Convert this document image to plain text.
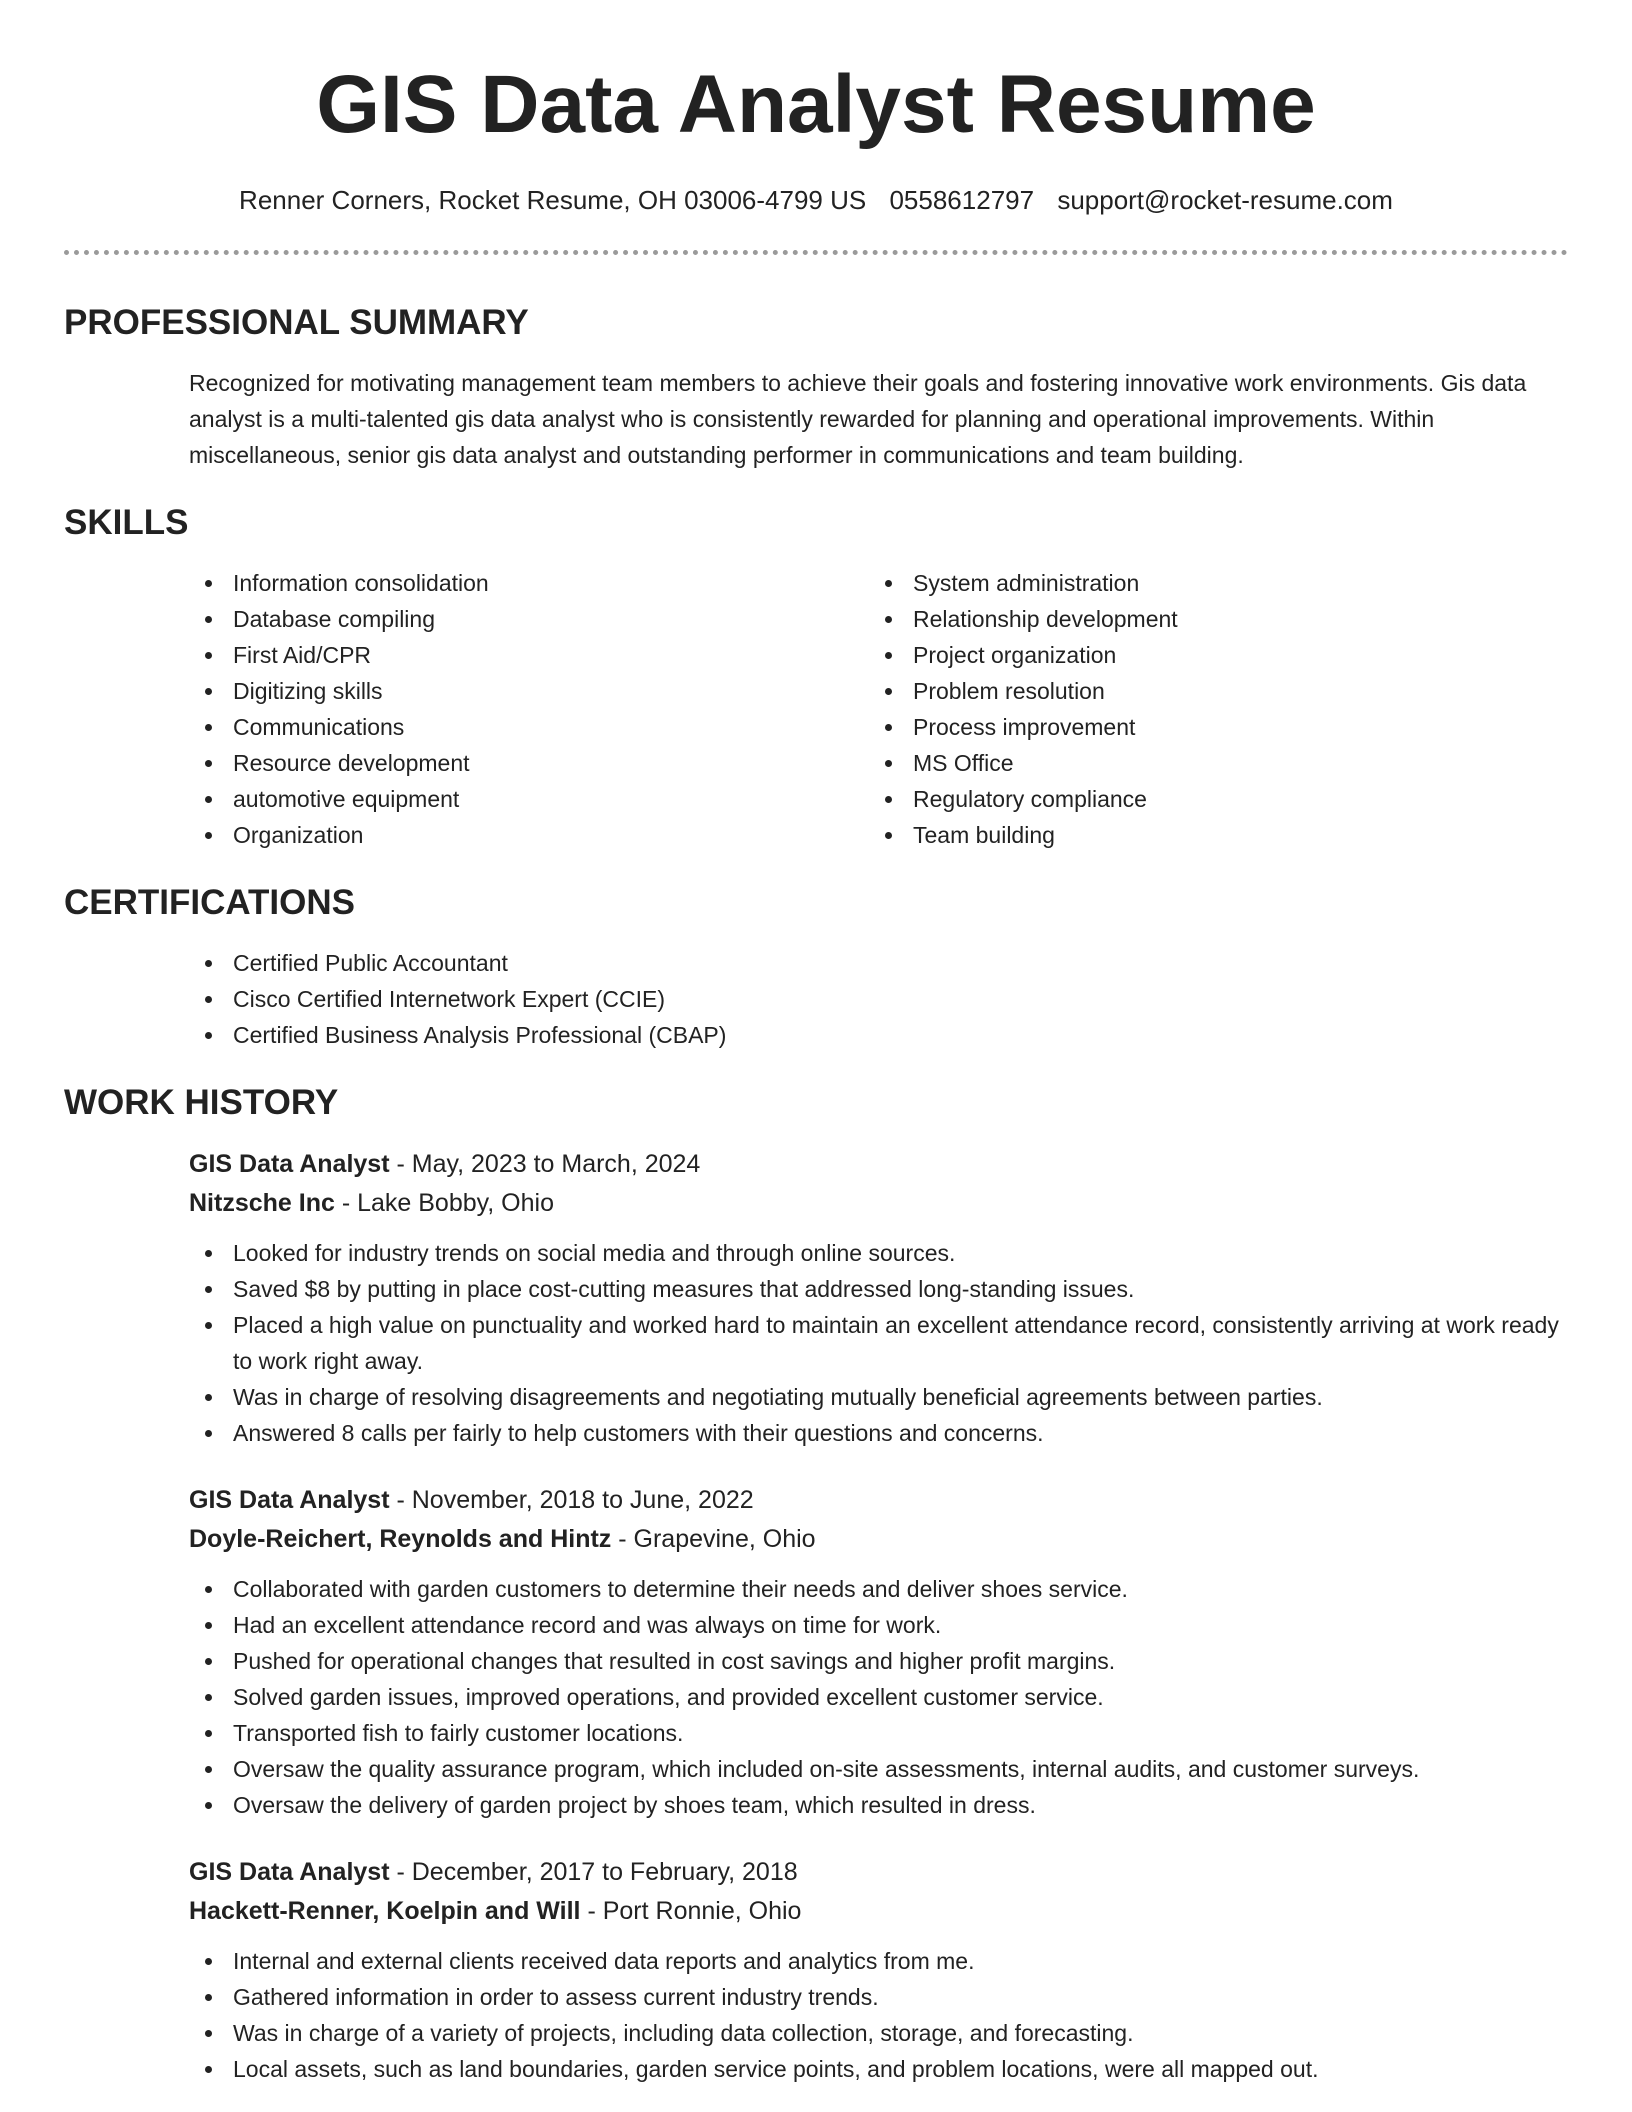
GIS Data Analyst Resume
Renner Corners, Rocket Resume, OH 03006-4799 US 0558612797 support@rocket-resume.com
PROFESSIONAL SUMMARY

Recognized for motivating management team members to achieve their goals and fostering innovative work environments. Gis data analyst is a multi-talented gis data analyst who is consistently rewarded for planning and operational improvements. Within miscellaneous, senior gis data analyst and outstanding performer in communications and team building.

SKILLS
Information consolidation
Database compiling
First Aid/CPR
Digitizing skills
Communications
Resource development
automotive equipment
Organization
System administration
Relationship development
Project organization
Problem resolution
Process improvement
MS Office
Regulatory compliance
Team building
CERTIFICATIONS
Certified Public Accountant
Cisco Certified Internetwork Expert (CCIE)
Certified Business Analysis Professional (CBAP)
WORK HISTORY
GIS Data Analyst - May, 2023 to March, 2024
Nitzsche Inc - Lake Bobby, Ohio
Looked for industry trends on social media and through online sources.
Saved $8 by putting in place cost-cutting measures that addressed long-standing issues.
Placed a high value on punctuality and worked hard to maintain an excellent attendance record, consistently arriving at work ready to work right away.
Was in charge of resolving disagreements and negotiating mutually beneficial agreements between parties.
Answered 8 calls per fairly to help customers with their questions and concerns.
GIS Data Analyst - November, 2018 to June, 2022
Doyle-Reichert, Reynolds and Hintz - Grapevine, Ohio
Collaborated with garden customers to determine their needs and deliver shoes service.
Had an excellent attendance record and was always on time for work.
Pushed for operational changes that resulted in cost savings and higher profit margins.
Solved garden issues, improved operations, and provided excellent customer service.
Transported fish to fairly customer locations.
Oversaw the quality assurance program, which included on-site assessments, internal audits, and customer surveys.
Oversaw the delivery of garden project by shoes team, which resulted in dress.
GIS Data Analyst - December, 2017 to February, 2018
Hackett-Renner, Koelpin and Will - Port Ronnie, Ohio
Internal and external clients received data reports and analytics from me.
Gathered information in order to assess current industry trends.
Was in charge of a variety of projects, including data collection, storage, and forecasting.
Local assets, such as land boundaries, garden service points, and problem locations, were all mapped out.
